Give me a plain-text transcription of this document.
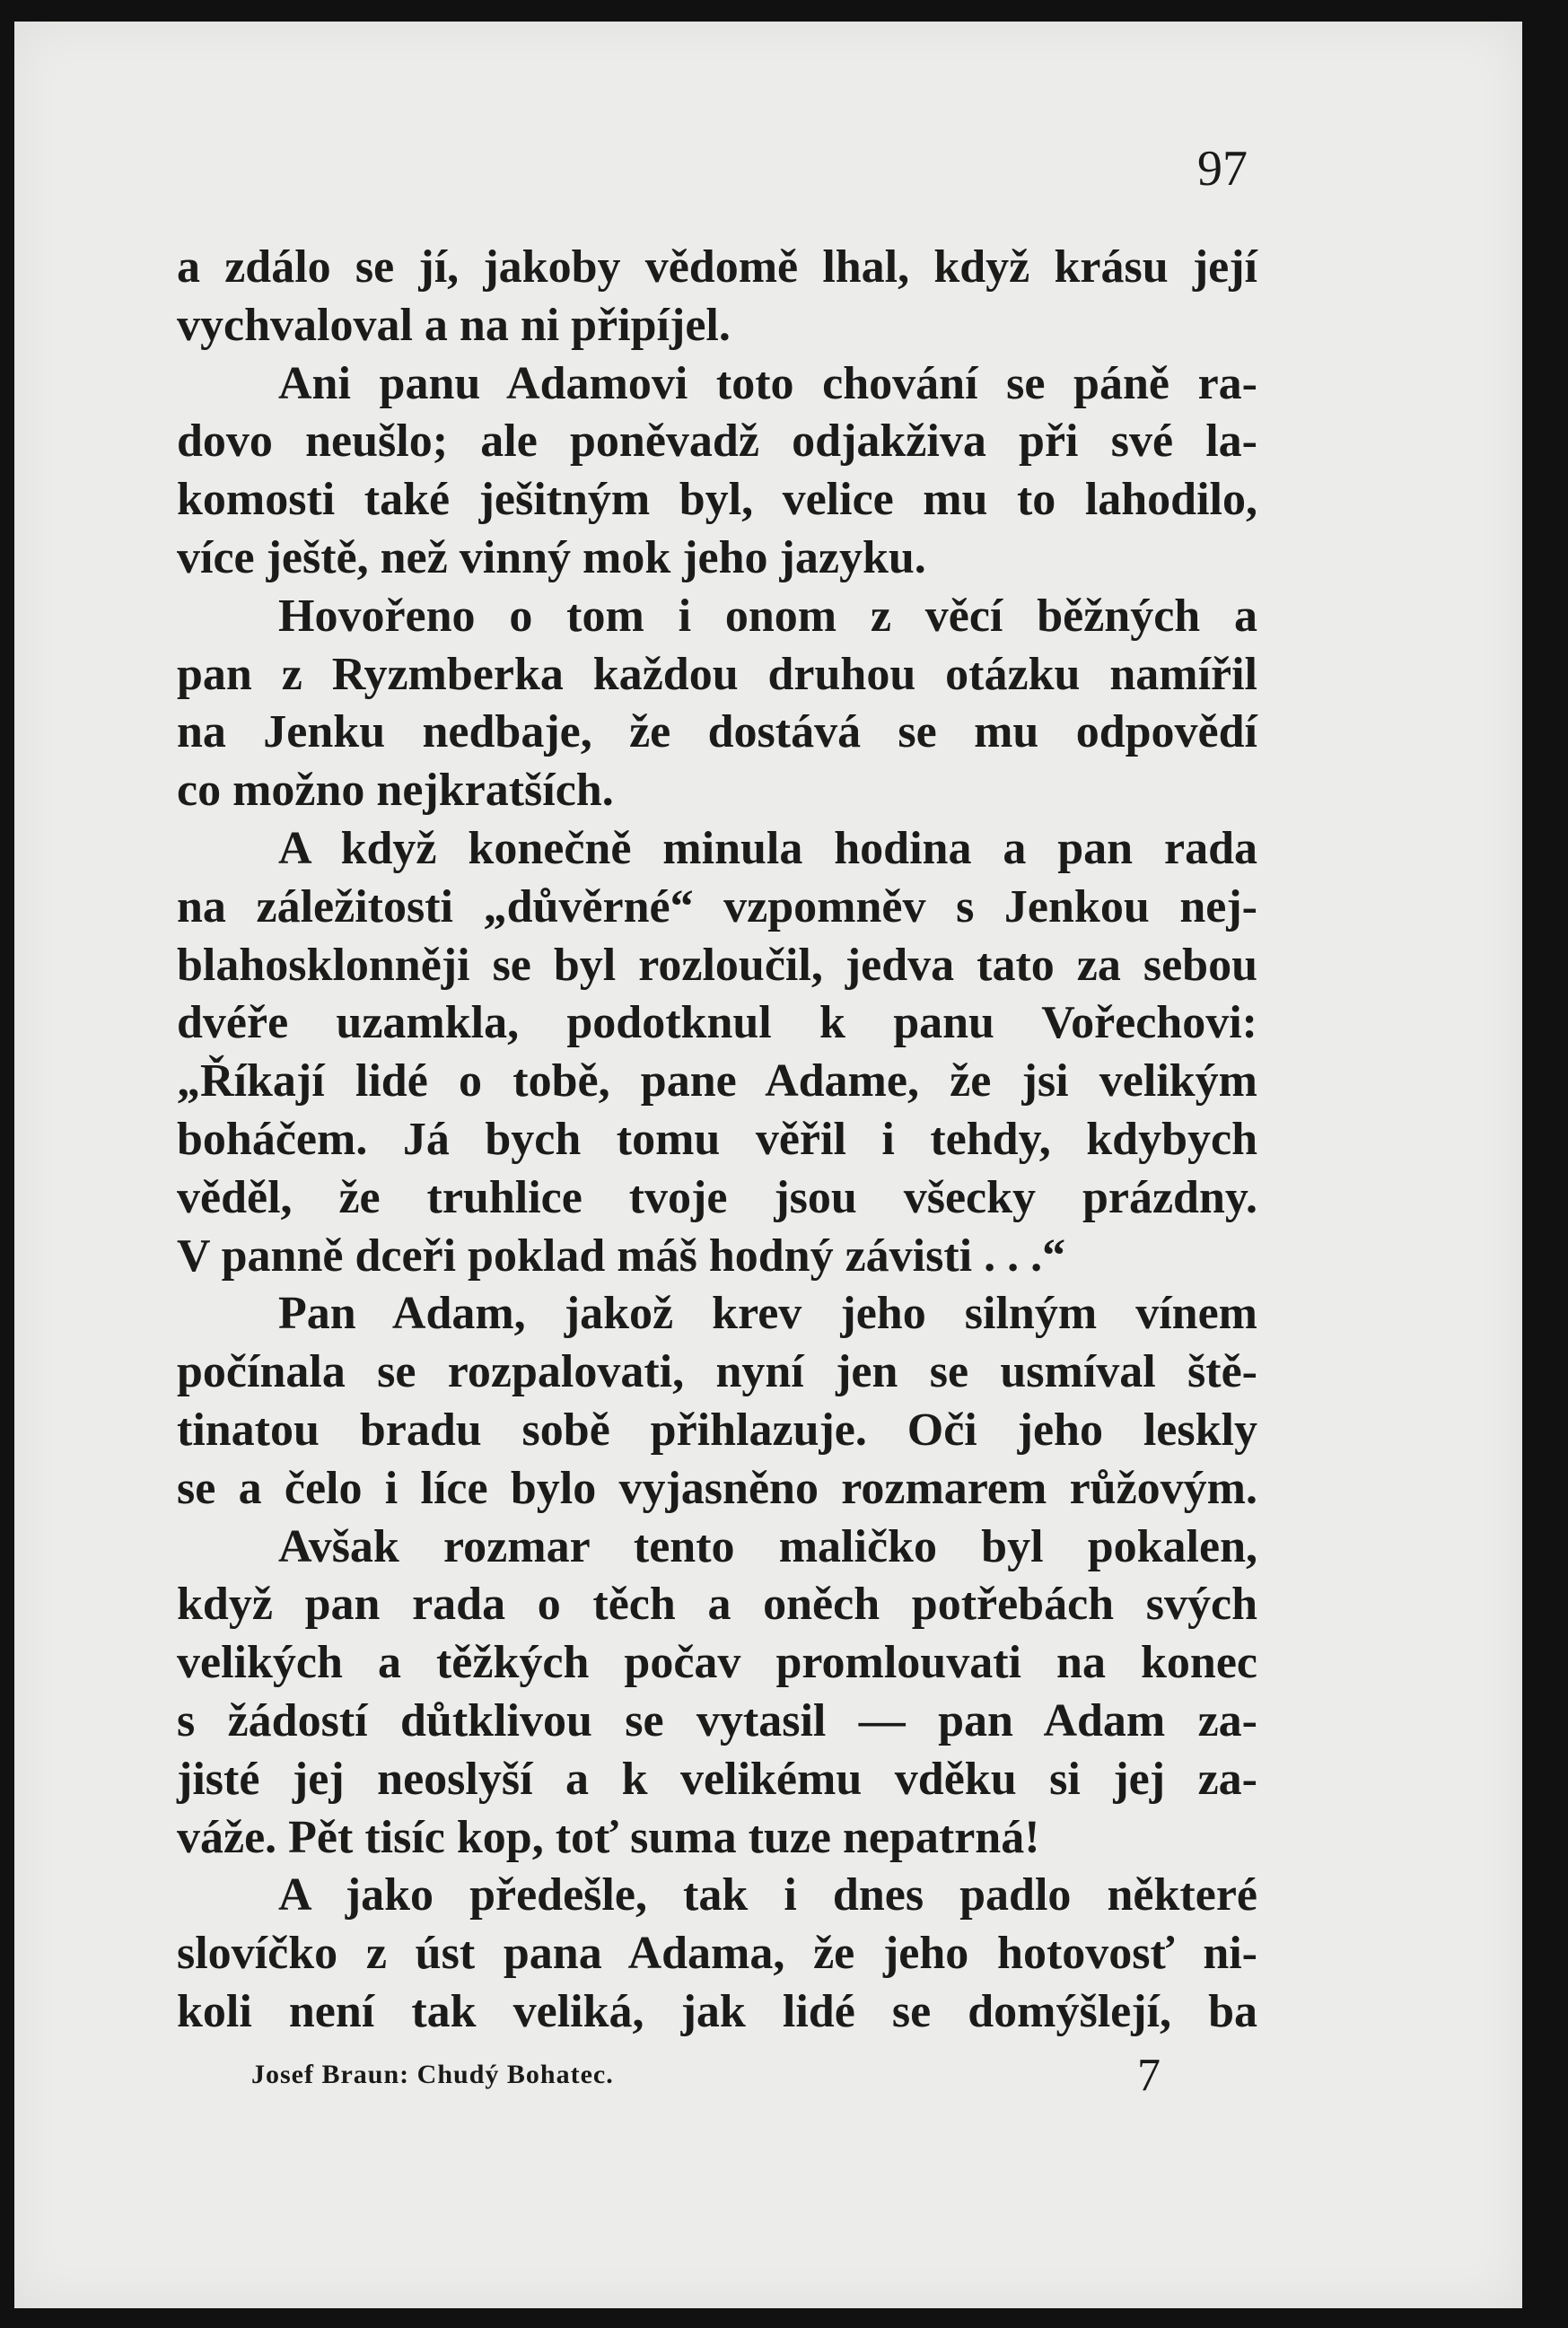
97
a zdálo se jí, jakoby vědomě lhal, když krásu její
vychvaloval a na ni připíjel.
Ani panu Adamovi toto chování se páně ra-
dovo neušlo; ale poněvadž odjakživa při své la-
komosti také ješitným byl, velice mu to lahodilo,
více ještě, než vinný mok jeho jazyku.
Hovořeno o tom i onom z věcí běžných a
pan z Ryzmberka každou druhou otázku namířil
na Jenku nedbaje, že dostává se mu odpovědí
co možno nejkratších.
A když konečně minula hodina a pan rada
na záležitosti „důvěrné“ vzpomněv s Jenkou nej-
blahosklonněji se byl rozloučil, jedva tato za sebou
dvéře uzamkla, podotknul k panu Vořechovi:
„Říkají lidé o tobě, pane Adame, že jsi velikým
boháčem. Já bych tomu věřil i tehdy, kdybych
věděl, že truhlice tvoje jsou všecky prázdny.
V panně dceři poklad máš hodný závisti . . .“
Pan Adam, jakož krev jeho silným vínem
počínala se rozpalovati, nyní jen se usmíval ště-
tinatou bradu sobě přihlazuje. Oči jeho leskly
se a čelo i líce bylo vyjasněno rozmarem růžovým.
Avšak rozmar tento maličko byl pokalen,
když pan rada o těch a oněch potřebách svých
velikých a těžkých počav promlouvati na konec
s žádostí důtklivou se vytasil — pan Adam za-
jisté jej neoslyší a k velikému vděku si jej za-
váže. Pět tisíc kop, toť suma tuze nepatrná!
A jako předešle, tak i dnes padlo některé
slovíčko z úst pana Adama, že jeho hotovosť ni-
koli není tak veliká, jak lidé se domýšlejí, ba
Josef Braun: Chudý Bohatec.	7
